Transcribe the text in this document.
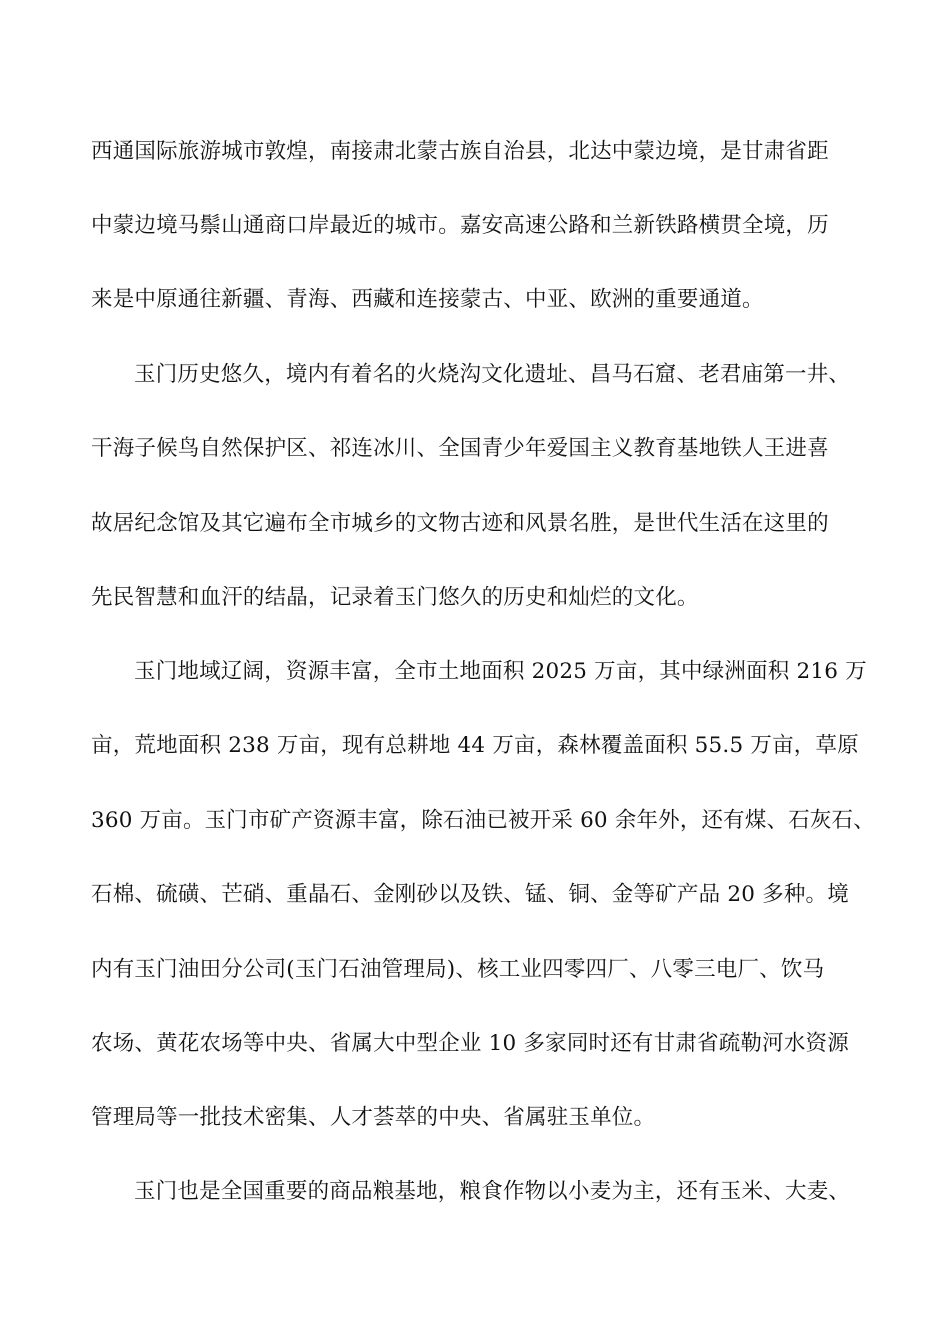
西通国际旅游城市敦煌，南接肃北蒙古族自治县，北达中蒙边境，是甘肃省距
中蒙边境马鬃山通商口岸最近的城市。嘉安高速公路和兰新铁路横贯全境，历
来是中原通往新疆、青海、西藏和连接蒙古、中亚、欧洲的重要通道。
玉门历史悠久，境内有着名的火烧沟文化遗址、昌马石窟、老君庙第一井、
干海子候鸟自然保护区、祁连冰川、全国青少年爱国主义教育基地铁人王进喜
故居纪念馆及其它遍布全市城乡的文物古迹和风景名胜，是世代生活在这里的
先民智慧和血汗的结晶，记录着玉门悠久的历史和灿烂的文化。
玉门地域辽阔，资源丰富，全市土地面积 2025 万亩，其中绿洲面积 216 万
亩，荒地面积 238 万亩，现有总耕地 44 万亩，森林覆盖面积 55.5 万亩，草原
360 万亩。玉门市矿产资源丰富，除石油已被开采 60 余年外，还有煤、石灰石、
石棉、硫磺、芒硝、重晶石、金刚砂以及铁、锰、铜、金等矿产品 20 多种。境
内有玉门油田分公司(玉门石油管理局)、核工业四零四厂、八零三电厂、饮马
农场、黄花农场等中央、省属大中型企业 10 多家同时还有甘肃省疏勒河水资源
管理局等一批技术密集、人才荟萃的中央、省属驻玉单位。
玉门也是全国重要的商品粮基地，粮食作物以小麦为主，还有玉米、大麦、
